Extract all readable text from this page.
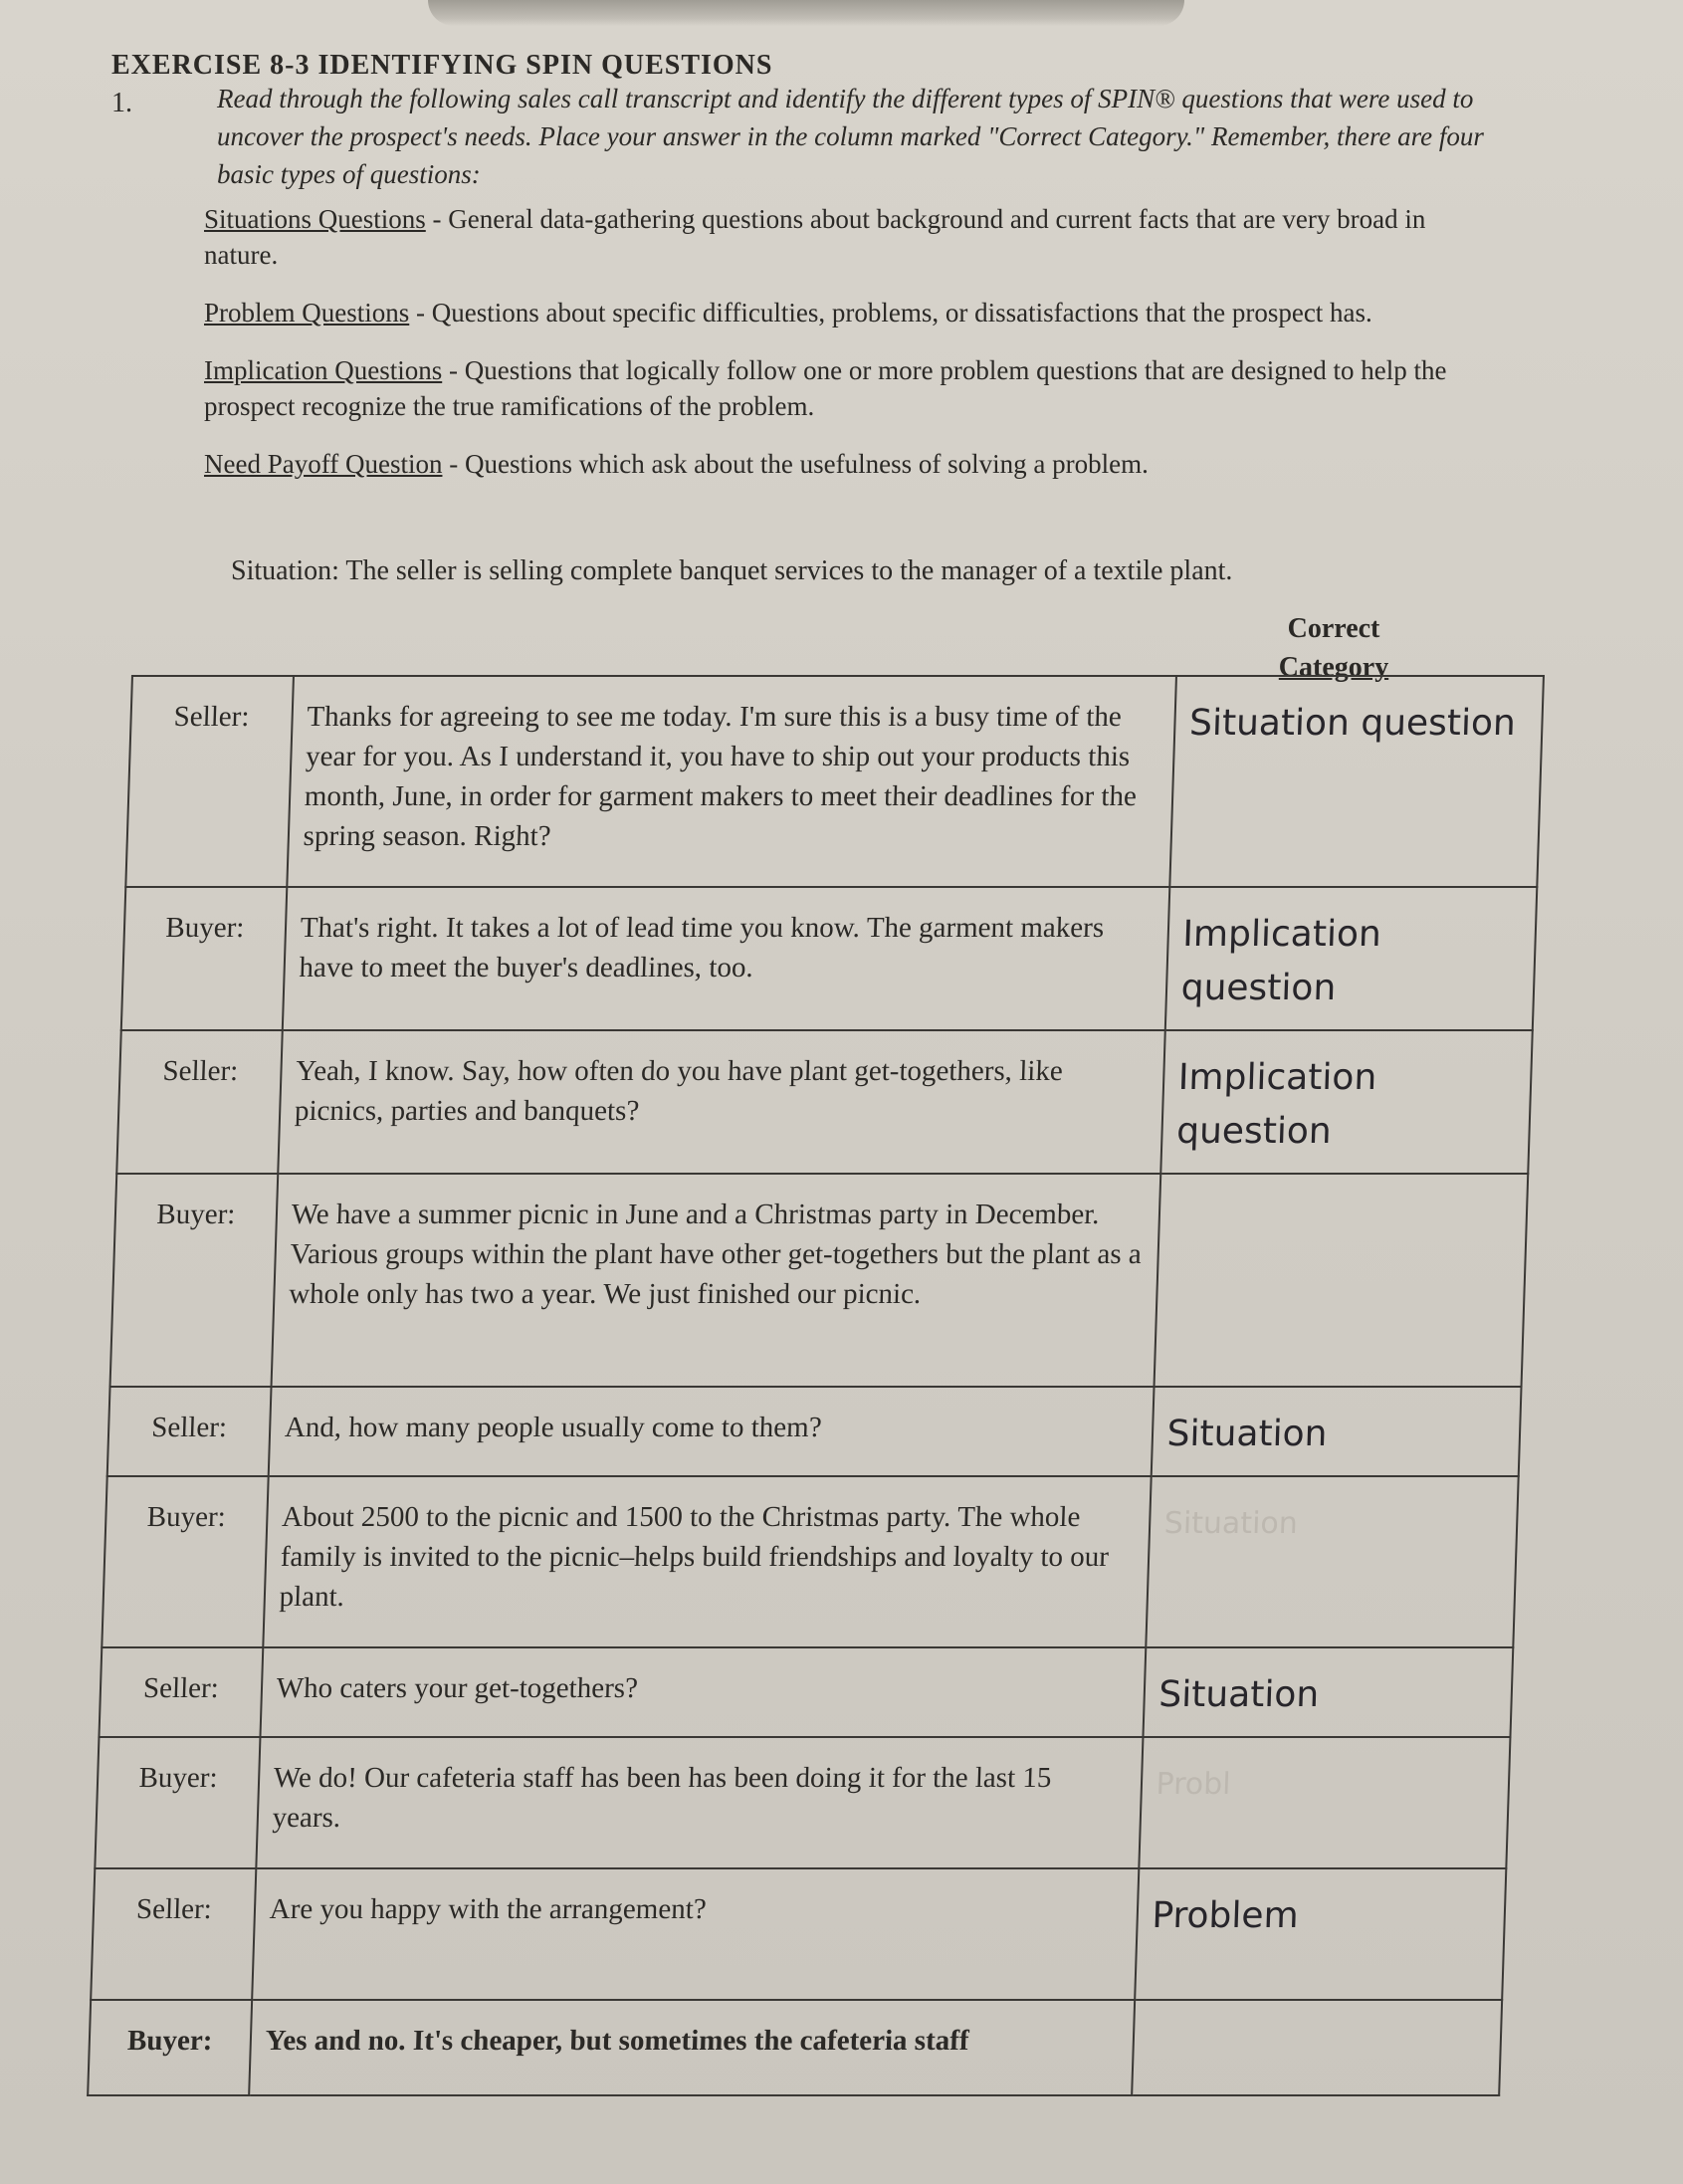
EXERCISE 8-3 IDENTIFYING SPIN QUESTIONS
1.	Read through the following sales call transcript and identify the different types of SPIN® questions that were used to uncover the prospect's needs. Place your answer in the column marked "Correct Category." Remember, there are four basic types of questions:
Situations Questions - General data-gathering questions about background and current facts that are very broad in nature.
Problem Questions - Questions about specific difficulties, problems, or dissatisfactions that the prospect has.
Implication Questions - Questions that logically follow one or more problem questions that are designed to help the prospect recognize the true ramifications of the problem.
Need Payoff Question - Questions which ask about the usefulness of solving a problem.
Situation: The seller is selling complete banquet services to the manager of a textile plant.
Correct
Category
Seller:	Thanks for agreeing to see me today. I'm sure this is a busy time of the year for you. As I understand it, you have to ship out your products this month, June, in order for garment makers to meet their deadlines for the spring season. Right?	Situation question
Buyer:	That's right. It takes a lot of lead time you know. The garment makers have to meet the buyer's deadlines, too.	Implication question
Seller:	Yeah, I know. Say, how often do you have plant get-togethers, like picnics, parties and banquets?	Implication question
Buyer:	We have a summer picnic in June and a Christmas party in December. Various groups within the plant have other get-togethers but the plant as a whole only has two a year. We just finished our picnic.	
Seller:	And, how many people usually come to them?	Situation
Buyer:	About 2500 to the picnic and 1500 to the Christmas party. The whole family is invited to the picnic–helps build friendships and loyalty to our plant.	Situation
Seller:	Who caters your get-togethers?	Situation
Buyer:	We do! Our cafeteria staff has been has been doing it for the last 15 years.	Probl
Seller:	Are you happy with the arrangement?	Problem
Buyer:	Yes and no. It's cheaper, but sometimes the cafeteria staff	
